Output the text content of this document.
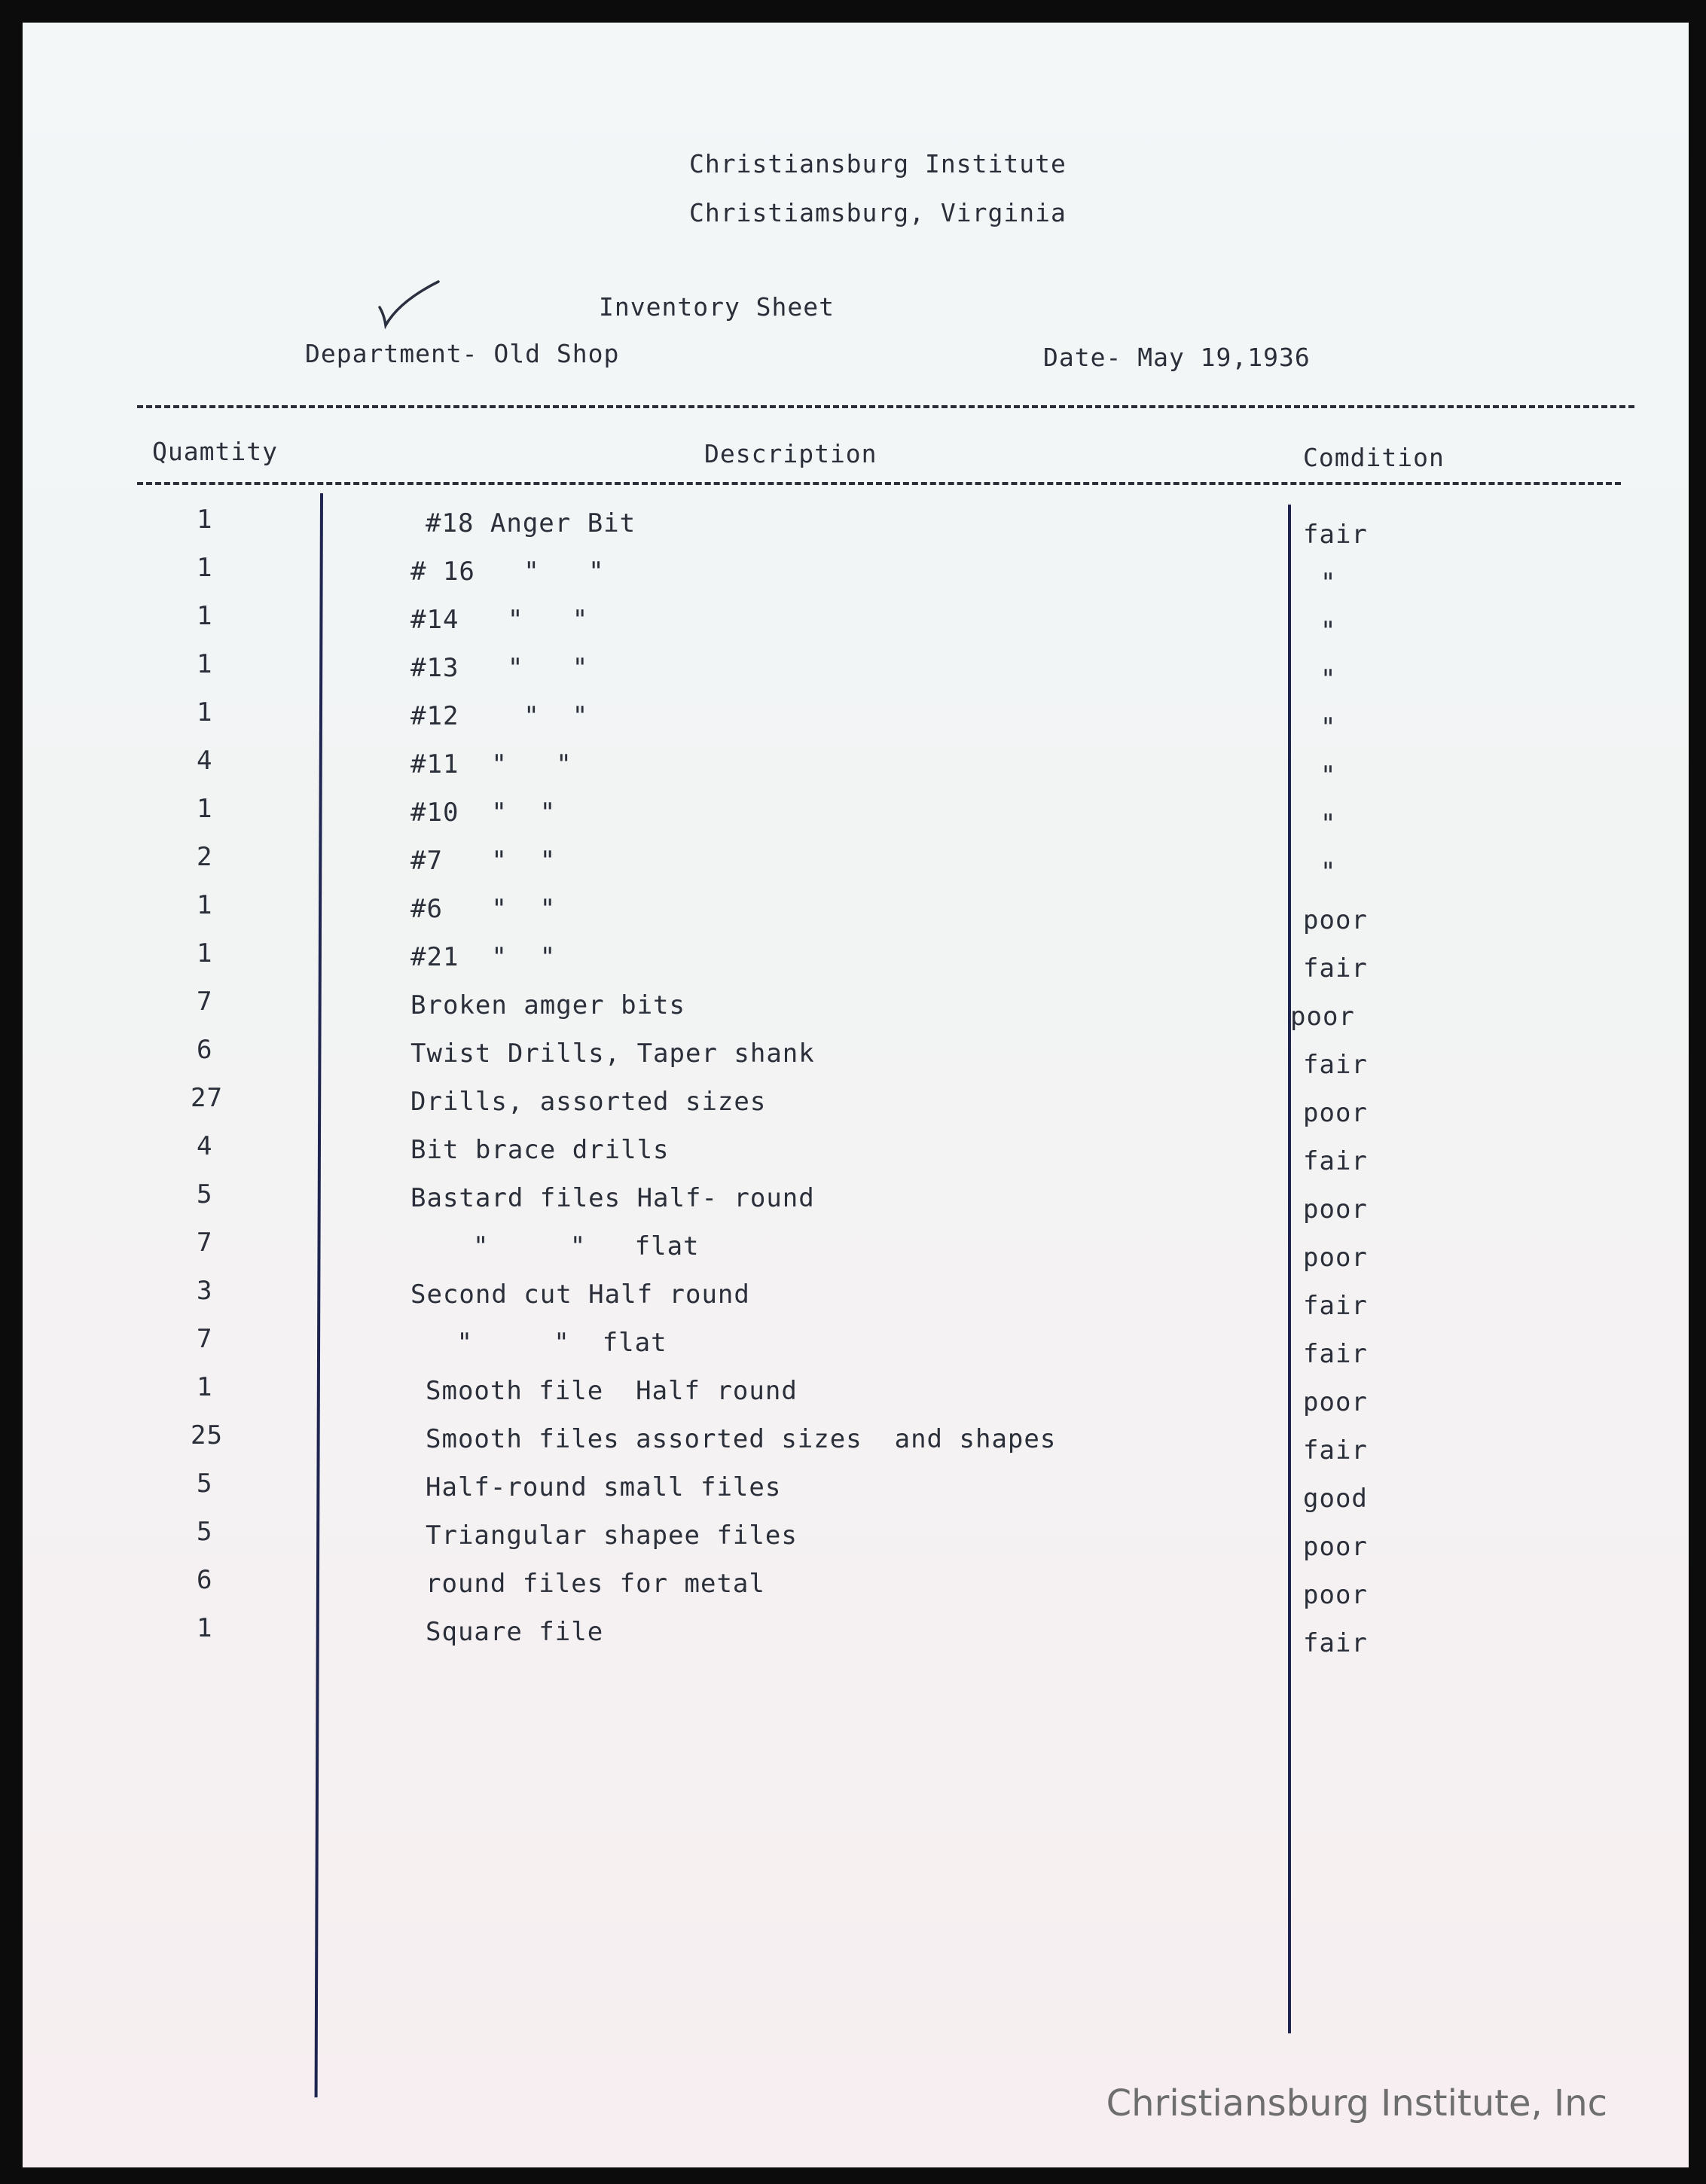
Christiansburg Institute
Christiamsburg, Virginia
Inventory Sheet
Department- Old Shop	Date- May 19,1936
Quamtity	Description	Comdition
1	#18 Anger Bit	fair
1	# 16   "   "	"
1	#14   "   "	"
1	#13   "   "	"
1	#12    "  "	"
4	#11  "   "	"
1	#10  "  "	"
2	#7   "  "	"
1	#6   "  "	poor
1	#21  "  "	fair
7	Broken amger bits	poor
6	Twist Drills, Taper shank	fair
27	Drills, assorted sizes	poor
4	Bit brace drills	fair
5	Bastard files Half- round	poor
7	"     "   flat	poor
3	Second cut Half round	fair
7	"     "  flat	fair
1	Smooth file  Half round	poor
25	Smooth files assorted sizes  and shapes	fair
5	Half-round small files	good
5	Triangular shapee files	poor
6	round files for metal	poor
1	Square file	fair
Christiansburg Institute, Inc
